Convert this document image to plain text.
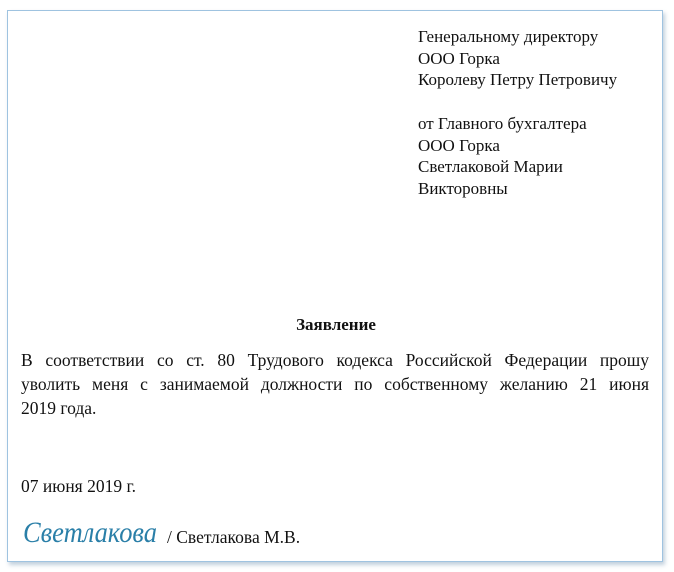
Генеральному директору
ООО Горка
Королеву Петру Петровичу
от Главного бухгалтера
ООО Горка
Светлаковой Марии
Викторовны
Заявление
В соответствии со ст. 80 Трудового кодекса Российской Федерации прошу
уволить меня с занимаемой должности по собственному желанию 21 июня
2019 года.
07 июня 2019 г.
Светлакова / Светлакова М.В.
